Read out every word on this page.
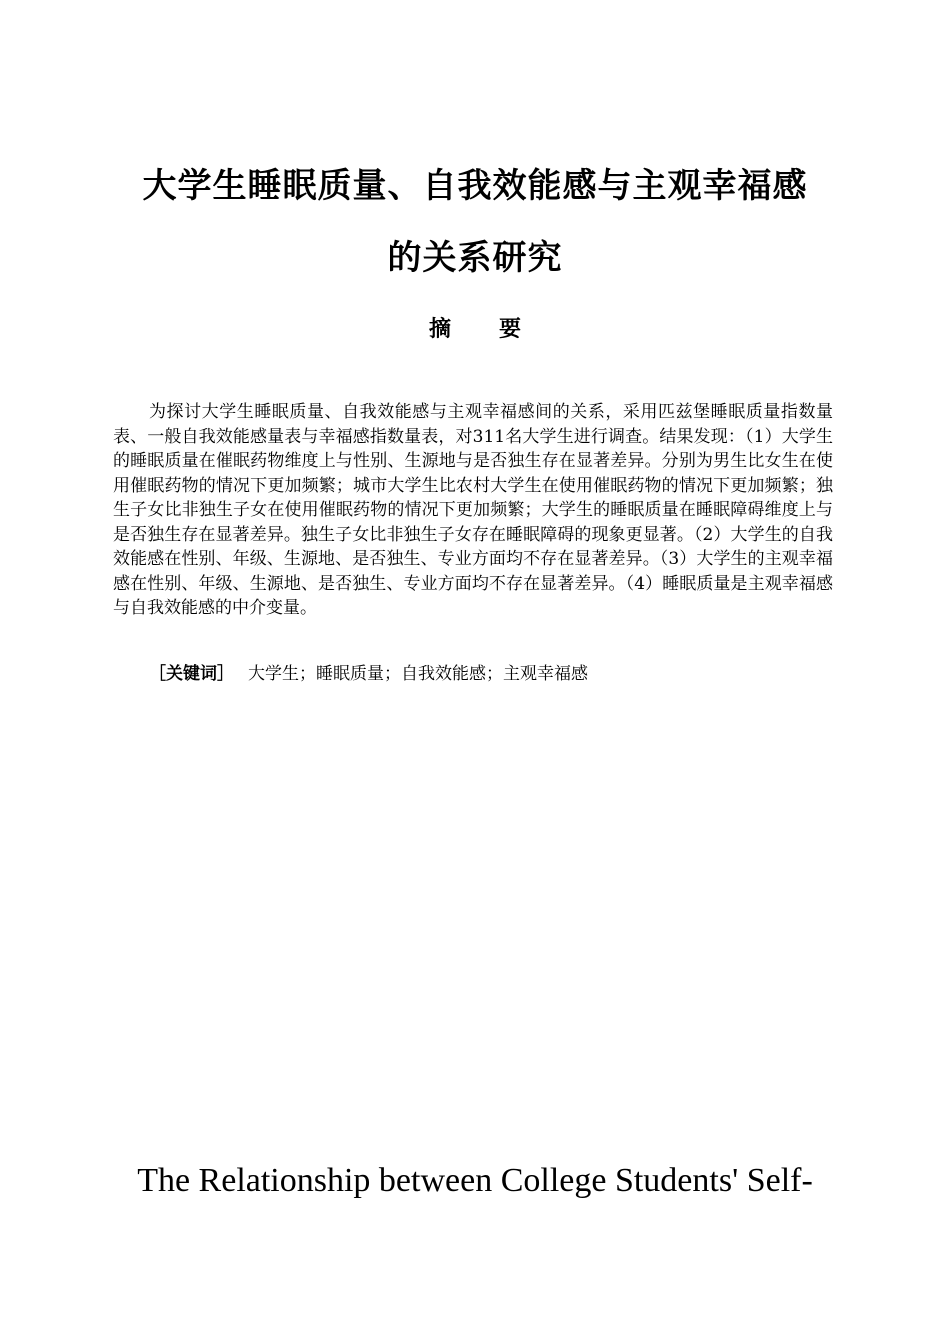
大学生睡眠质量、自我效能感与主观幸福感
的关系研究
摘 要

为探讨大学生睡眠质量、自我效能感与主观幸福感间的关系，采用匹兹堡睡眠质量指数量表、一般自我效能感量表与幸福感指数量表，对311名大学生进行调查。结果发现：（1）大学生的睡眠质量在催眠药物维度上与性别、生源地与是否独生存在显著差异。分别为男生比女生在使用催眠药物的情况下更加频繁；城市大学生比农村大学生在使用催眠药物的情况下更加频繁；独生子女比非独生子女在使用催眠药物的情况下更加频繁；大学生的睡眠质量在睡眠障碍维度上与是否独生存在显著差异。独生子女比非独生子女存在睡眠障碍的现象更显著。（2）大学生的自我效能感在性别、年级、生源地、是否独生、专业方面均不存在显著差异。（3）大学生的主观幸福感在性别、年级、生源地、是否独生、专业方面均不存在显著差异。（4）睡眠质量是主观幸福感与自我效能感的中介变量。

［关键词］ 大学生；睡眠质量；自我效能感；主观幸福感
The Relationship between College Students' Self-
